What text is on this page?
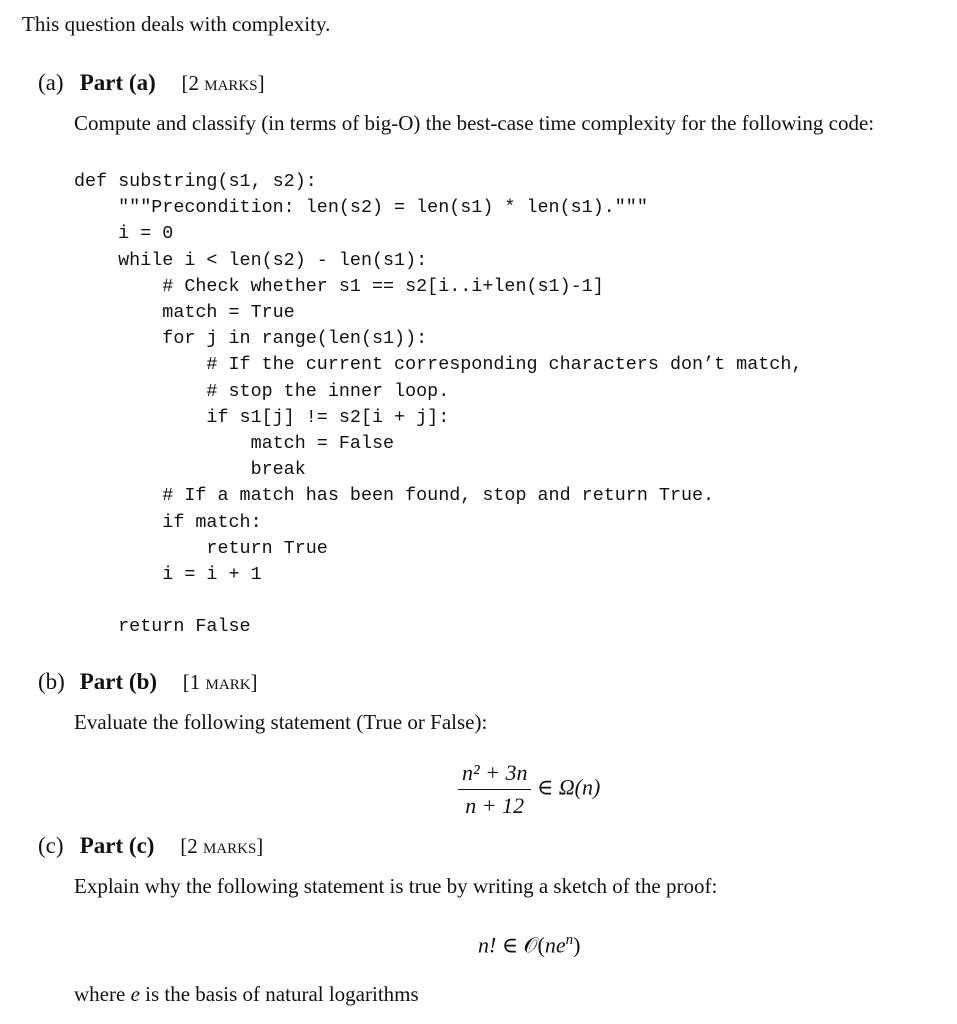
This question deals with complexity.
(a) Part (a) [2 marks]
Compute and classify (in terms of big-O) the best-case time complexity for the following code:
def substring(s1, s2):
"""Precondition: len(s2) = len(s1) * len(s1)."""
i = 0
while i < len(s2) - len(s1):
# Check whether s1 == s2[i..i+len(s1)-1]
match = True
for j in range(len(s1)):
# If the current corresponding characters don’t match,
# stop the inner loop.
if s1[j] != s2[i + j]:
match = False
break
# If a match has been found, stop and return True.
if match:
return True
i = i + 1

return False
(b) Part (b) [1 mark]
Evaluate the following statement (True or False):
$\frac{\text{n² + 3n}}{n + 12}$ ∈ Ω(n)
(c) Part (c) [2 marks]
Explain why the following statement is true by writing a sketch of the proof:
n! ∈ $𝒪(ne^n)$
where e is the basis of natural logarithms
